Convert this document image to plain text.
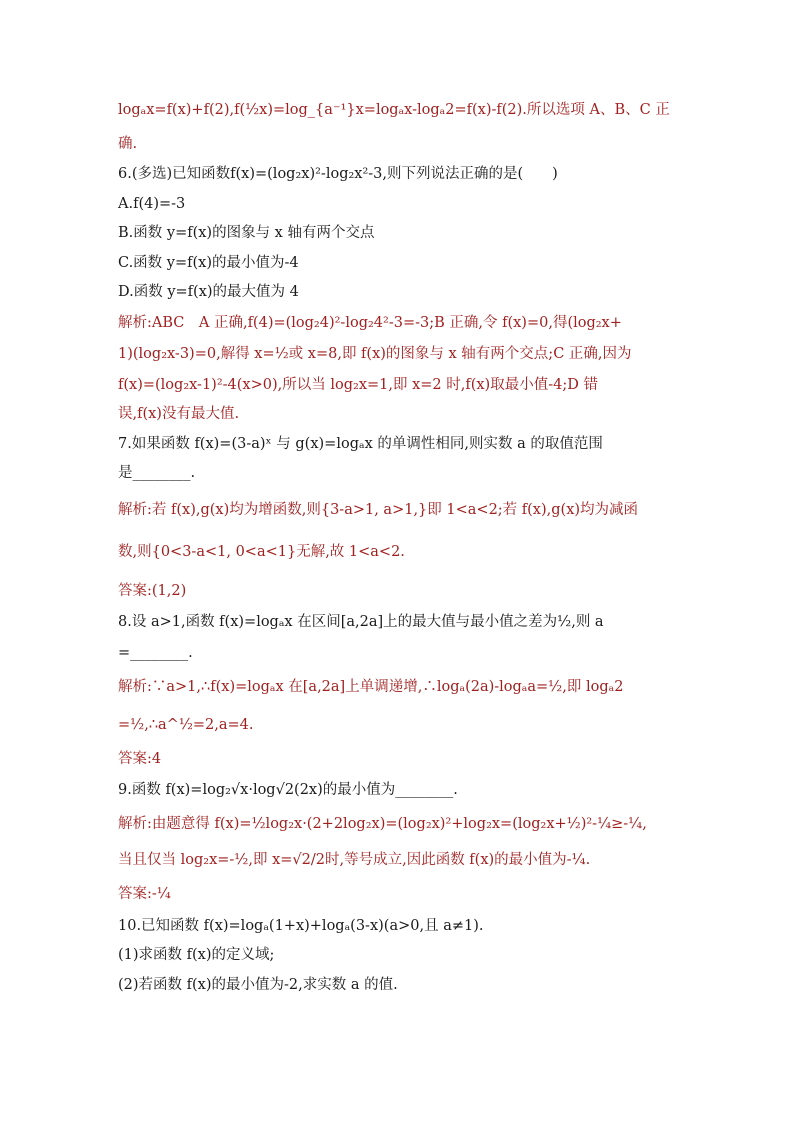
logₐx=f(x)+f(2),f(½x)=log_{a⁻¹}x=logₐx-logₐ2=f(x)-f(2).所以选项 A、B、C 正
确.
6.(多选)已知函数f(x)=(log₂x)²-log₂x²-3,则下列说法正确的是(　　)
A.f(4)=-3
B.函数 y=f(x)的图象与 x 轴有两个交点
C.函数 y=f(x)的最小值为-4
D.函数 y=f(x)的最大值为 4
解析:ABC　A 正确,f(4)=(log₂4)²-log₂4²-3=-3;B 正确,令 f(x)=0,得(log₂x+
1)(log₂x-3)=0,解得 x=½或 x=8,即 f(x)的图象与 x 轴有两个交点;C 正确,因为
f(x)=(log₂x-1)²-4(x>0),所以当 log₂x=1,即 x=2 时,f(x)取最小值-4;D 错
误,f(x)没有最大值.
7.如果函数 f(x)=(3-a)ˣ 与 g(x)=logₐx 的单调性相同,则实数 a 的取值范围
是________.
解析:若 f(x),g(x)均为增函数,则{3-a>1, a>1,}即 1<a<2;若 f(x),g(x)均为减函
数,则{0<3-a<1, 0<a<1}无解,故 1<a<2.
答案:(1,2)
8.设 a>1,函数 f(x)=logₐx 在区间[a,2a]上的最大值与最小值之差为½,则 a
=________.
解析:∵a>1,∴f(x)=logₐx 在[a,2a]上单调递增,∴logₐ(2a)-logₐa=½,即 logₐ2
=½,∴a^½=2,a=4.
答案:4
9.函数 f(x)=log₂√x·log√2(2x)的最小值为________.
解析:由题意得 f(x)=½log₂x·(2+2log₂x)=(log₂x)²+log₂x=(log₂x+½)²-¼≥-¼,
当且仅当 log₂x=-½,即 x=√2/2时,等号成立,因此函数 f(x)的最小值为-¼.
答案:-¼
10.已知函数 f(x)=logₐ(1+x)+logₐ(3-x)(a>0,且 a≠1).
(1)求函数 f(x)的定义域;
(2)若函数 f(x)的最小值为-2,求实数 a 的值.
